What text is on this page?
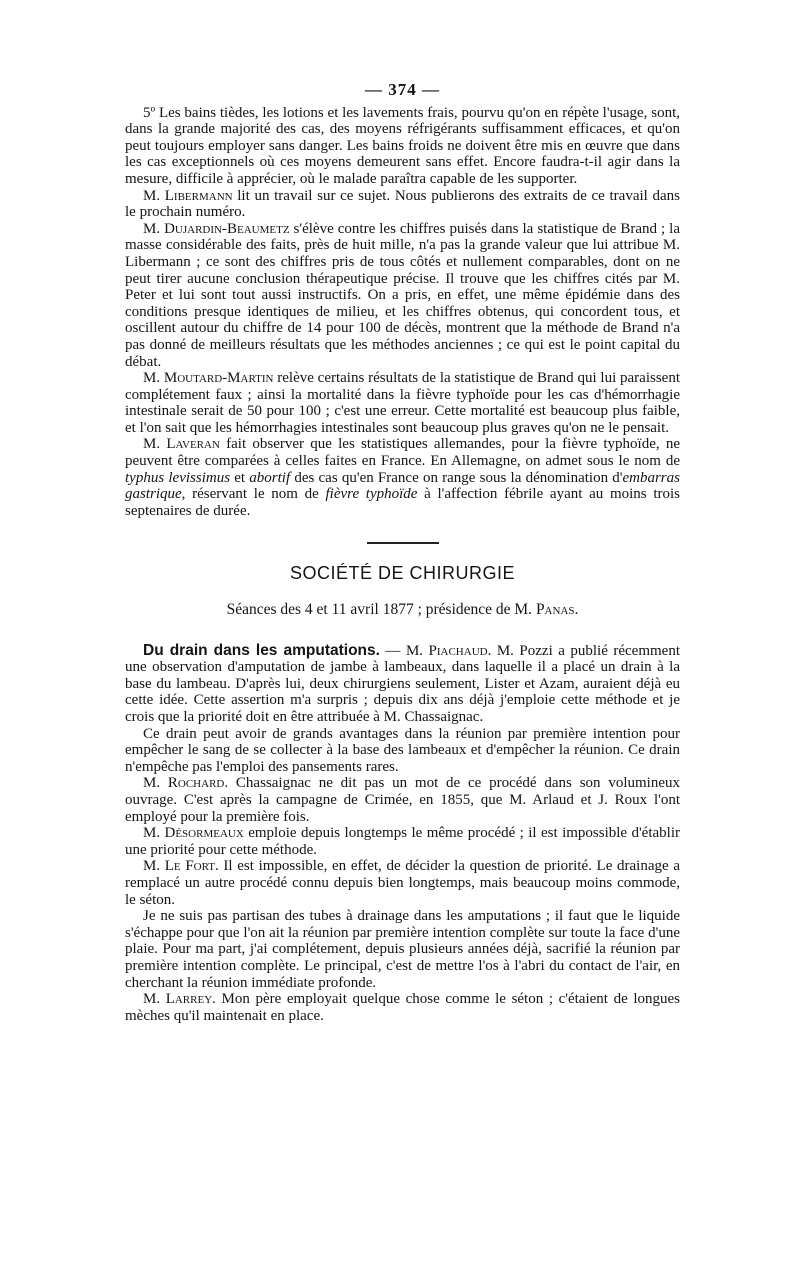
— 374 —

5º Les bains tièdes, les lotions et les lavements frais, pourvu qu'on en répète l'usage, sont, dans la grande majorité des cas, des moyens réfrigérants suffisamment efficaces, et qu'on peut toujours employer sans danger. Les bains froids ne doivent être mis en œuvre que dans les cas exceptionnels où ces moyens demeurent sans effet. Encore faudra-t-il agir dans la mesure, difficile à apprécier, où le malade paraîtra capable de les supporter.

M. Libermann lit un travail sur ce sujet. Nous publierons des extraits de ce travail dans le prochain numéro.

M. Dujardin-Beaumetz s'élève contre les chiffres puisés dans la statistique de Brand ; la masse considérable des faits, près de huit mille, n'a pas la grande valeur que lui attribue M. Libermann ; ce sont des chiffres pris de tous côtés et nullement comparables, dont on ne peut tirer aucune conclusion thérapeutique précise. Il trouve que les chiffres cités par M. Peter et lui sont tout aussi instructifs. On a pris, en effet, une même épidémie dans des conditions presque identiques de milieu, et les chiffres obtenus, qui concordent tous, et oscillent autour du chiffre de 14 pour 100 de décès, montrent que la méthode de Brand n'a pas donné de meilleurs résultats que les méthodes anciennes ; ce qui est le point capital du débat.

M. Moutard-Martin relève certains résultats de la statistique de Brand qui lui paraissent complétement faux ; ainsi la mortalité dans la fièvre typhoïde pour les cas d'hémorrhagie intestinale serait de 50 pour 100 ; c'est une erreur. Cette mortalité est beaucoup plus faible, et l'on sait que les hémorrhagies intestinales sont beaucoup plus graves qu'on ne le pensait.

M. Laveran fait observer que les statistiques allemandes, pour la fièvre typhoïde, ne peuvent être comparées à celles faites en France. En Allemagne, on admet sous le nom de typhus levissimus et abortif des cas qu'en France on range sous la dénomination d'embarras gastrique, réservant le nom de fièvre typhoïde à l'affection fébrile ayant au moins trois septenaires de durée.

SOCIÉTÉ DE CHIRURGIE
Séances des 4 et 11 avril 1877 ; présidence de M. Panas.

Du drain dans les amputations. — M. Piachaud. M. Pozzi a publié récemment une observation d'amputation de jambe à lambeaux, dans laquelle il a placé un drain à la base du lambeau. D'après lui, deux chirurgiens seulement, Lister et Azam, auraient déjà eu cette idée. Cette assertion m'a surpris ; depuis dix ans déjà j'emploie cette méthode et je crois que la priorité doit en être attribuée à M. Chassaignac.

Ce drain peut avoir de grands avantages dans la réunion par première intention pour empêcher le sang de se collecter à la base des lambeaux et d'empêcher la réunion. Ce drain n'empêche pas l'emploi des pansements rares.

M. Rochard. Chassaignac ne dit pas un mot de ce procédé dans son volumineux ouvrage. C'est après la campagne de Crimée, en 1855, que M. Arlaud et J. Roux l'ont employé pour la première fois.

M. Désormeaux emploie depuis longtemps le même procédé ; il est impossible d'établir une priorité pour cette méthode.

M. Le Fort. Il est impossible, en effet, de décider la question de priorité. Le drainage a remplacé un autre procédé connu depuis bien longtemps, mais beaucoup moins commode, le séton.

Je ne suis pas partisan des tubes à drainage dans les amputations ; il faut que le liquide s'échappe pour que l'on ait la réunion par première intention complète sur toute la face d'une plaie. Pour ma part, j'ai complétement, depuis plusieurs années déjà, sacrifié la réunion par première intention complète. Le principal, c'est de mettre l'os à l'abri du contact de l'air, en cherchant la réunion immédiate profonde.

M. Larrey. Mon père employait quelque chose comme le séton ; c'étaient de longues mèches qu'il maintenait en place.
